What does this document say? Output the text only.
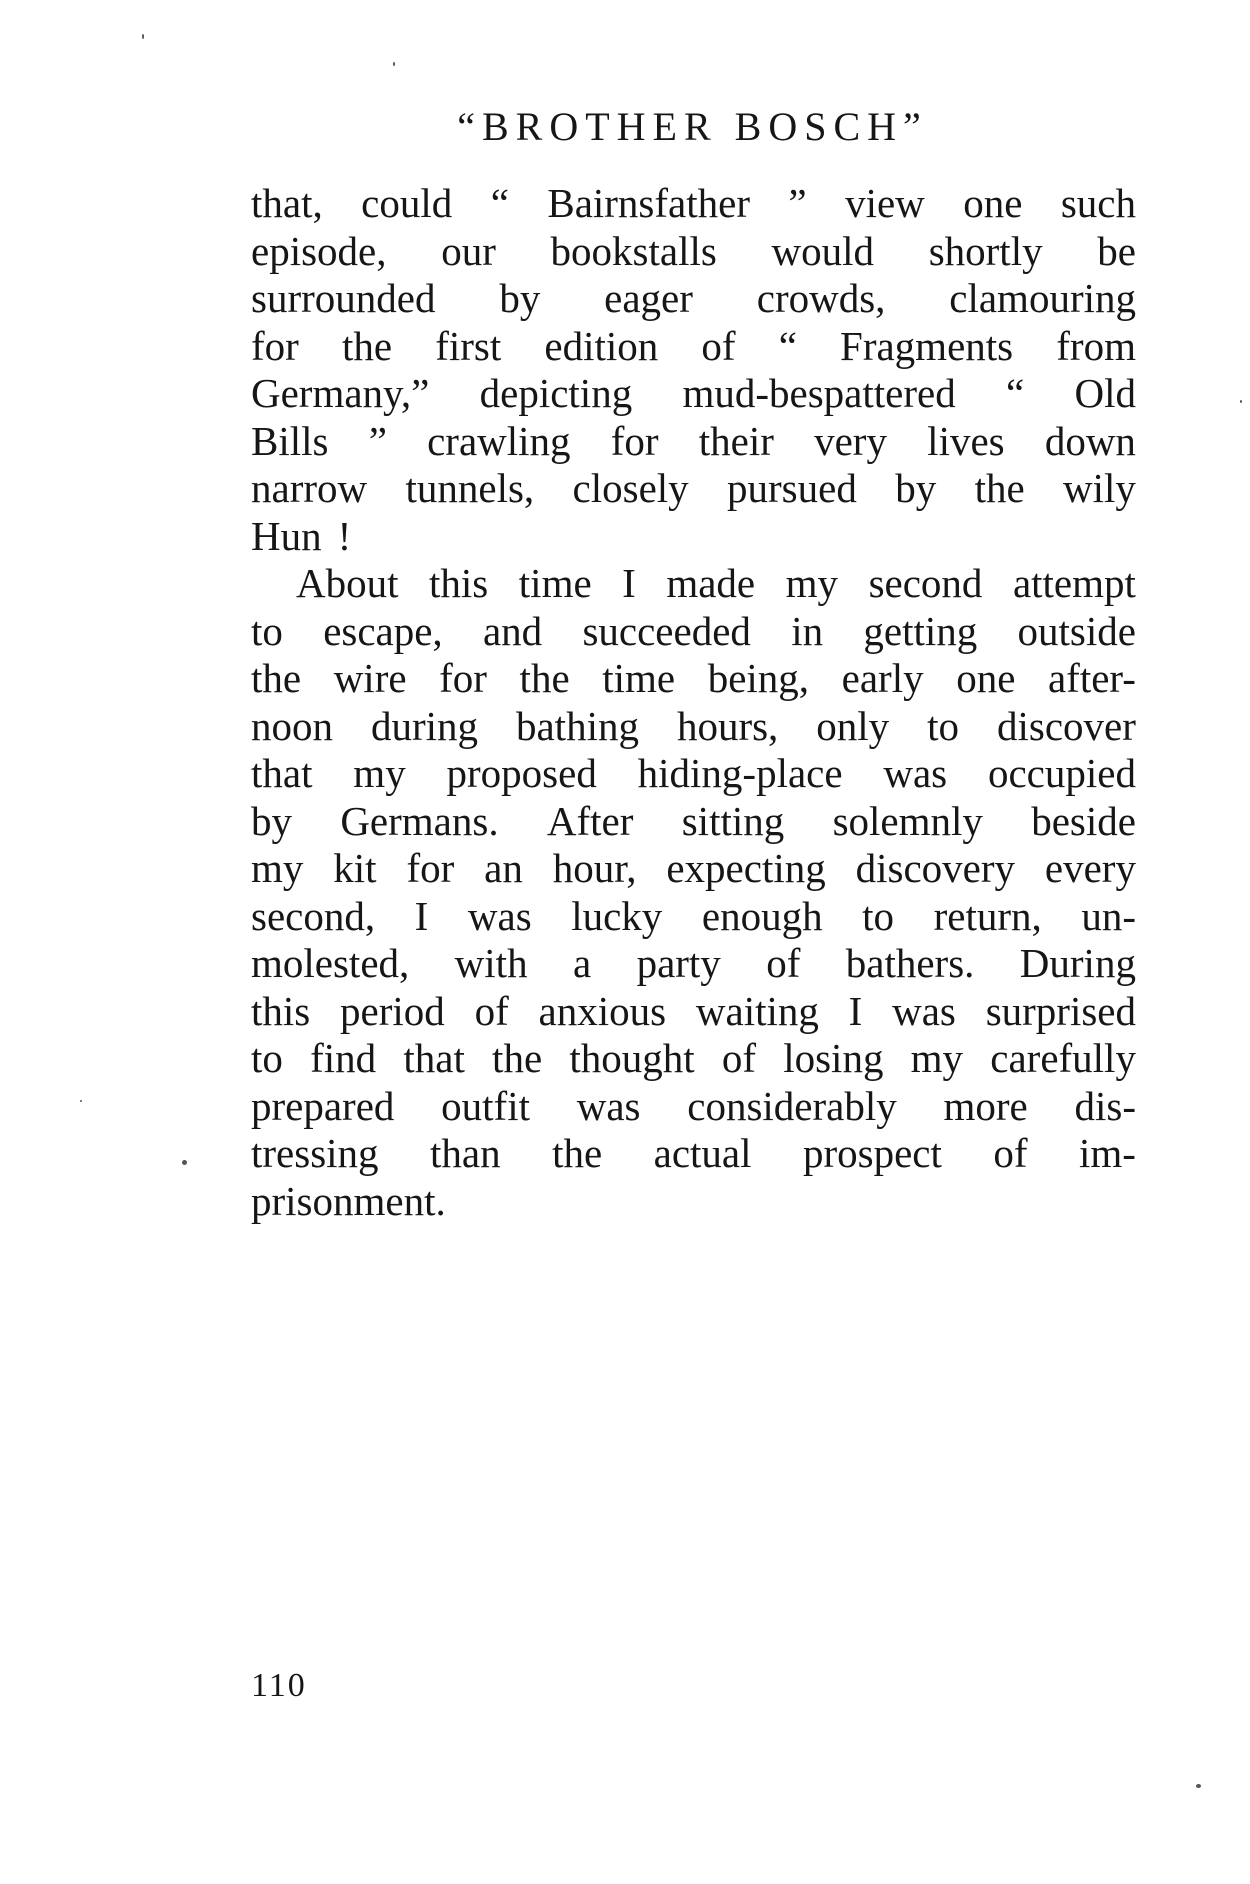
“BROTHER BOSCH”
that, could “ Bairnsfather ” view one such
episode, our bookstalls would shortly be
surrounded by eager crowds, clamouring
for the first edition of “ Fragments from
Germany,” depicting mud-bespattered “ Old
Bills ” crawling for their very lives down
narrow tunnels, closely pursued by the wily
Hun !
About this time I made my second attempt
to escape, and succeeded in getting outside
the wire for the time being, early one after-
noon during bathing hours, only to discover
that my proposed hiding-place was occupied
by Germans. After sitting solemnly beside
my kit for an hour, expecting discovery every
second, I was lucky enough to return, un-
molested, with a party of bathers. During
this period of anxious waiting I was surprised
to find that the thought of losing my carefully
prepared outfit was considerably more dis-
tressing than the actual prospect of im-
prisonment.
110
